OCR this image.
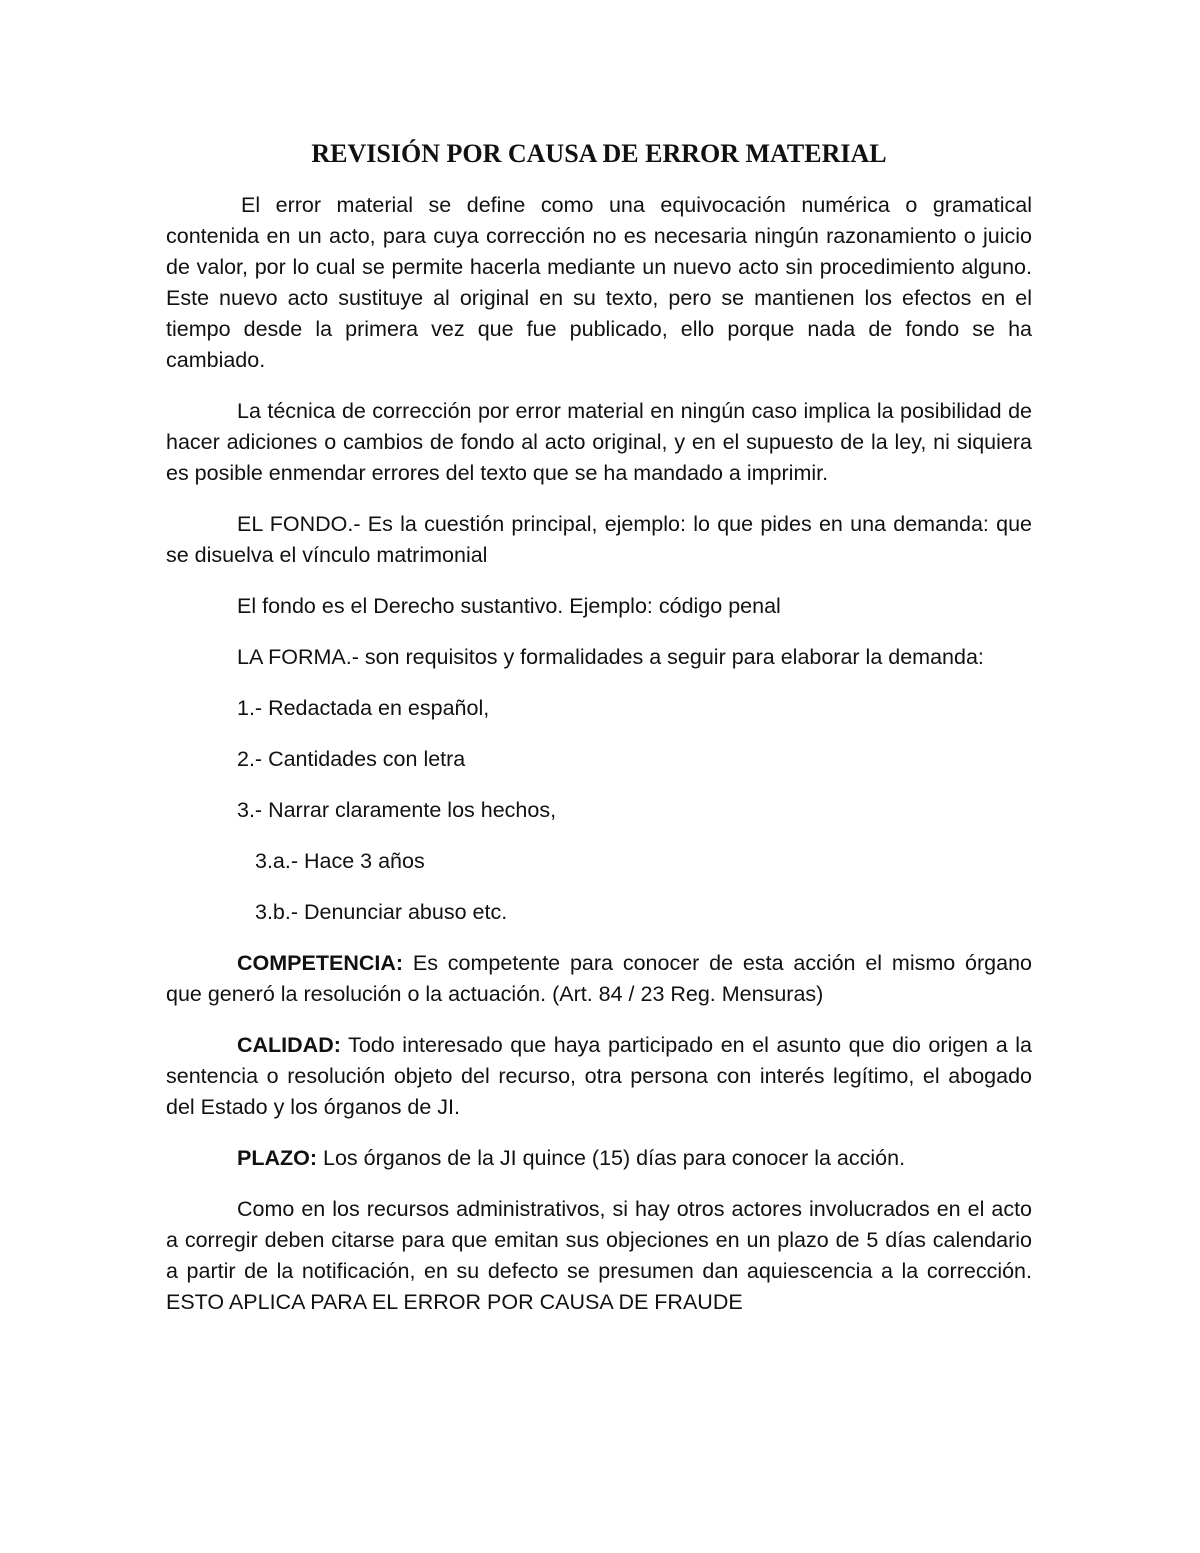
REVISIÓN POR CAUSA DE ERROR MATERIAL

El error material se define como una equivocación numérica o gramatical contenida en un acto, para cuya corrección no es necesaria ningún razonamiento o juicio de valor, por lo cual se permite hacerla mediante un nuevo acto sin procedimiento alguno. Este nuevo acto sustituye al original en su texto, pero se mantienen los efectos en el tiempo desde la primera vez que fue publicado, ello porque nada de fondo se ha cambiado.

La técnica de corrección por error material en ningún caso implica la posibilidad de hacer adiciones o cambios de fondo al acto original, y en el supuesto de la ley, ni siquiera es posible enmendar errores del texto que se ha mandado a imprimir.

EL FONDO.- Es la cuestión principal, ejemplo: lo que pides en una demanda: que se disuelva el vínculo matrimonial

El fondo es el Derecho sustantivo. Ejemplo: código penal

LA FORMA.- son requisitos y formalidades a seguir para elaborar la demanda:

1.- Redactada en español,

2.- Cantidades con letra

3.- Narrar claramente los hechos,

3.a.- Hace 3 años

3.b.- Denunciar abuso etc.

COMPETENCIA: Es competente para conocer de esta acción el mismo órgano que generó la resolución o la actuación. (Art. 84 / 23 Reg. Mensuras)

CALIDAD: Todo interesado que haya participado en el asunto que dio origen a la sentencia o resolución objeto del recurso, otra persona con interés legítimo, el abogado del Estado y los órganos de JI.

PLAZO: Los órganos de la JI quince (15) días para conocer la acción.

Como en los recursos administrativos, si hay otros actores involucrados en el acto a corregir deben citarse para que emitan sus objeciones en un plazo de 5 días calendario a partir de la notificación, en su defecto se presumen dan aquiescencia a la corrección. ESTO APLICA PARA EL ERROR POR CAUSA DE FRAUDE
